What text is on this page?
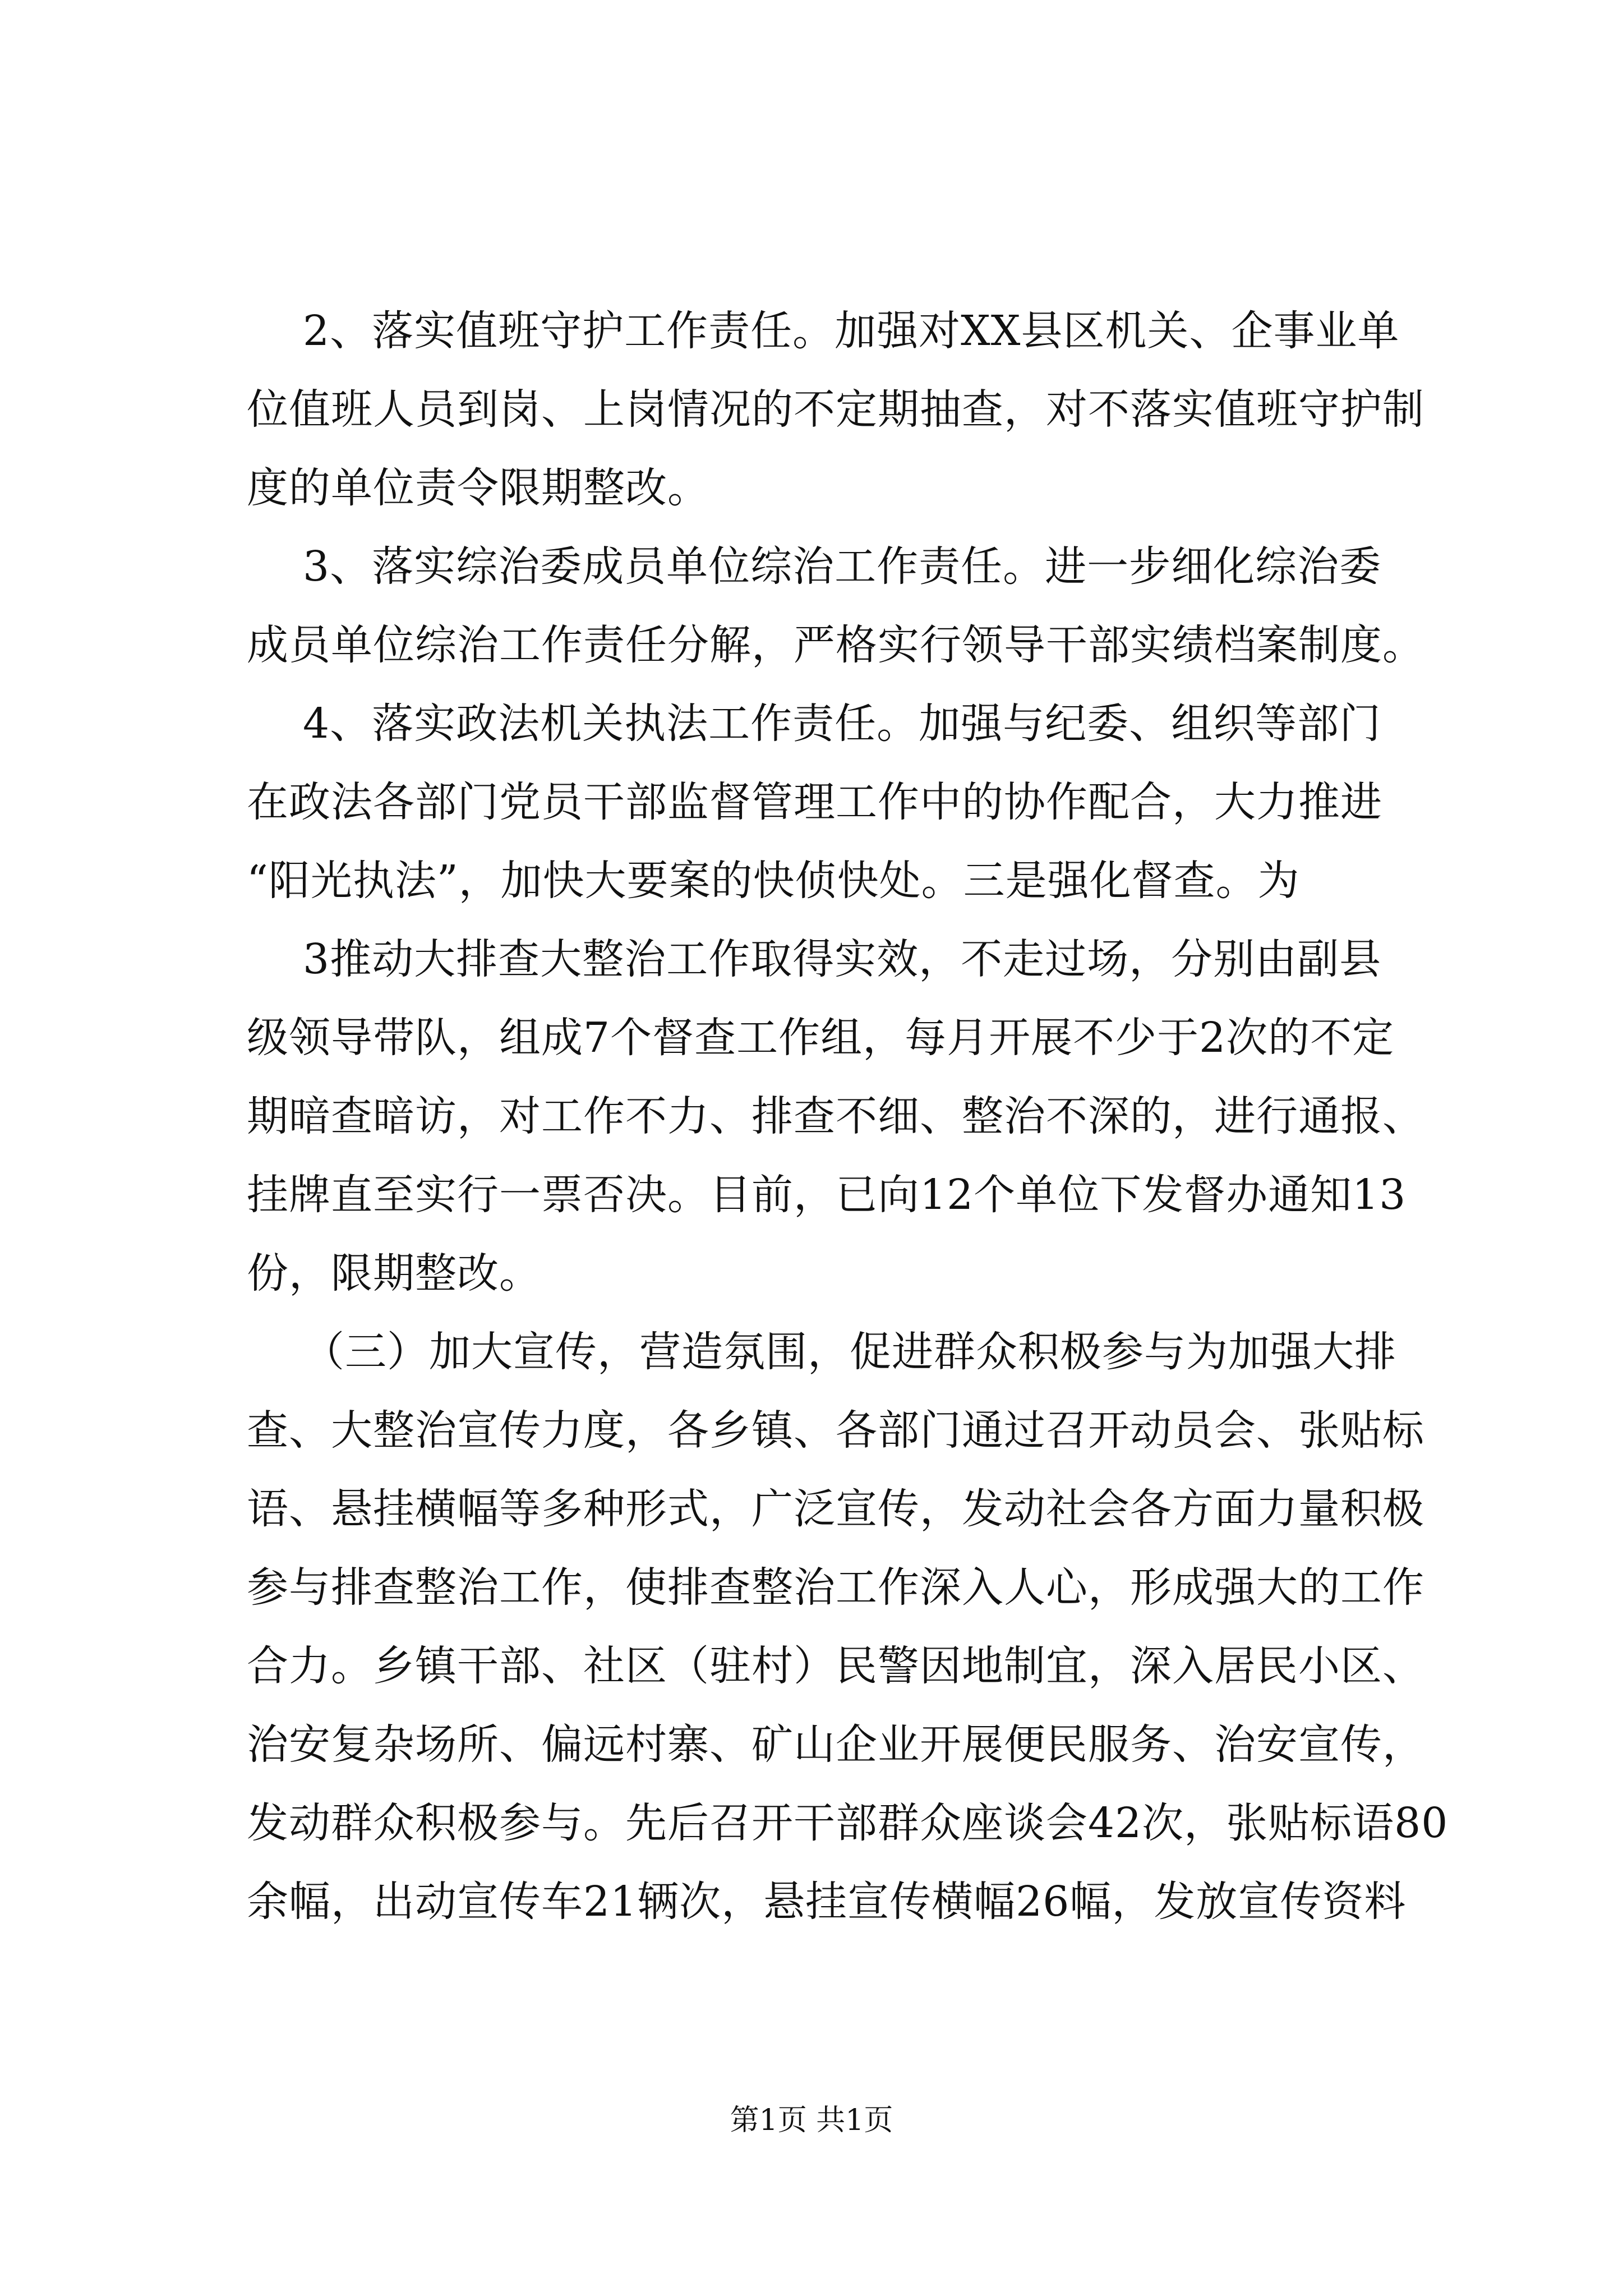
2、落实值班守护工作责任。加强对XX县区机关、企事业单
位值班人员到岗、上岗情况的不定期抽查，对不落实值班守护制
度的单位责令限期整改。
3、落实综治委成员单位综治工作责任。进一步细化综治委
成员单位综治工作责任分解，严格实行领导干部实绩档案制度。
4、落实政法机关执法工作责任。加强与纪委、组织等部门
在政法各部门党员干部监督管理工作中的协作配合，大力推进
“阳光执法”，加快大要案的快侦快处。三是强化督查。为
3推动大排查大整治工作取得实效，不走过场，分别由副县
级领导带队，组成7个督查工作组，每月开展不少于2次的不定
期暗查暗访，对工作不力、排查不细、整治不深的，进行通报、
挂牌直至实行一票否决。目前，已向12个单位下发督办通知13
份，限期整改。
（三）加大宣传，营造氛围，促进群众积极参与为加强大排
查、大整治宣传力度，各乡镇、各部门通过召开动员会、张贴标
语、悬挂横幅等多种形式，广泛宣传，发动社会各方面力量积极
参与排查整治工作，使排查整治工作深入人心，形成强大的工作
合力。乡镇干部、社区（驻村）民警因地制宜，深入居民小区、
治安复杂场所、偏远村寨、矿山企业开展便民服务、治安宣传，
发动群众积极参与。先后召开干部群众座谈会42次，张贴标语80
余幅，出动宣传车21辆次，悬挂宣传横幅26幅，发放宣传资料
第1页 共1页
